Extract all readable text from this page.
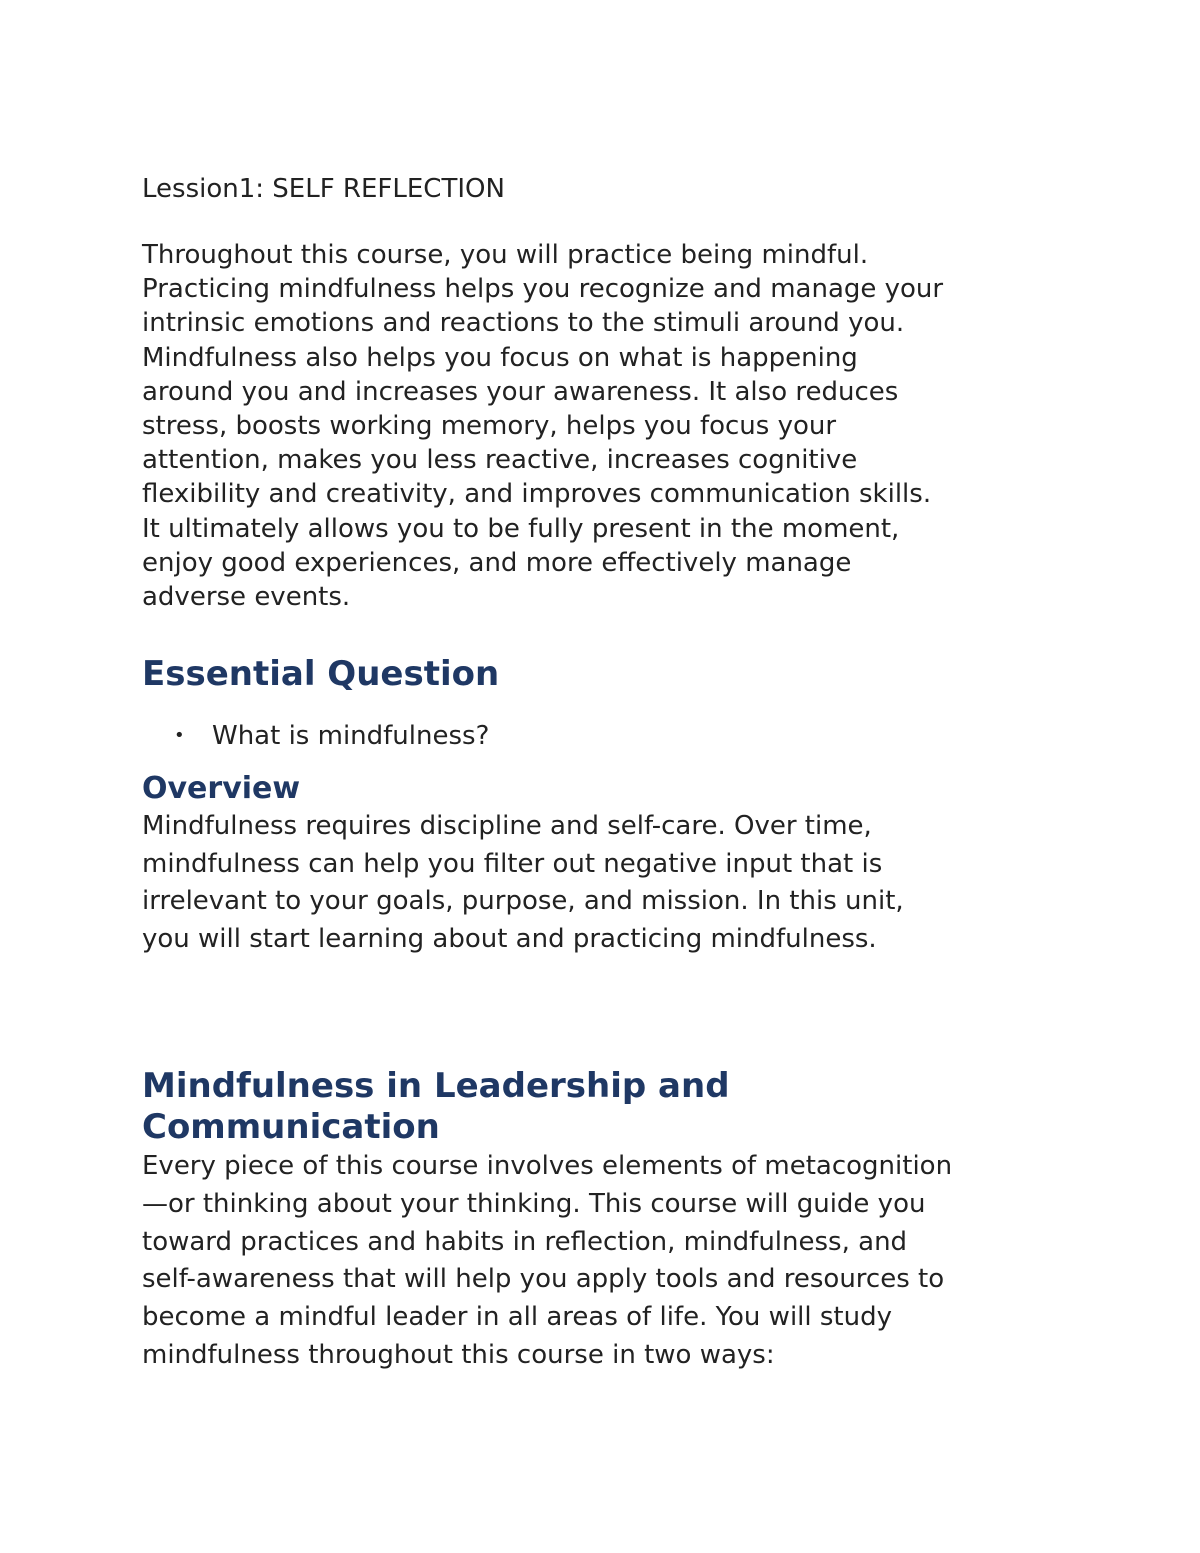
Lession1: SELF REFLECTION

Throughout this course, you will practice being mindful.
Practicing mindfulness helps you recognize and manage your
intrinsic emotions and reactions to the stimuli around you.
Mindfulness also helps you focus on what is happening
around you and increases your awareness. It also reduces
stress, boosts working memory, helps you focus your
attention, makes you less reactive, increases cognitive
flexibility and creativity, and improves communication skills.
It ultimately allows you to be fully present in the moment,
enjoy good experiences, and more effectively manage
adverse events.

Essential Question
• What is mindfulness?
Overview

Mindfulness requires discipline and self-care. Over time,
mindfulness can help you filter out negative input that is
irrelevant to your goals, purpose, and mission. In this unit,
you will start learning about and practicing mindfulness.

Mindfulness in Leadership and
Communication

Every piece of this course involves elements of metacognition
—or thinking about your thinking. This course will guide you
toward practices and habits in reflection, mindfulness, and
self-awareness that will help you apply tools and resources to
become a mindful leader in all areas of life. You will study
mindfulness throughout this course in two ways:
